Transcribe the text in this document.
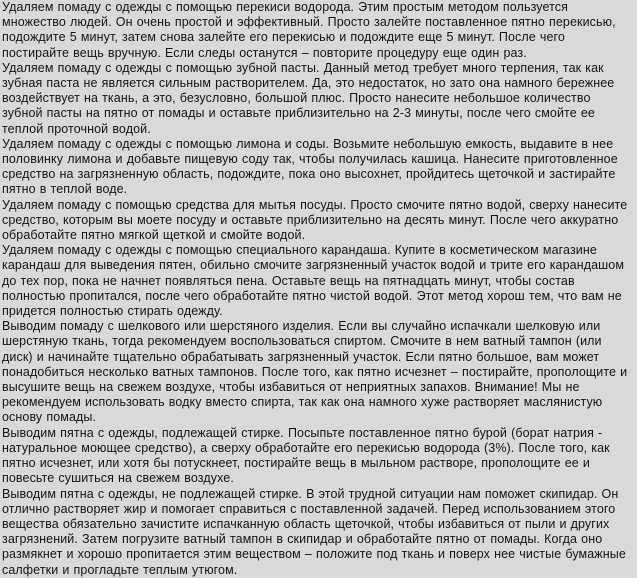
Удаляем помаду с одежды с помощью перекиси водорода. Этим простым методом пользуется множество людей. Он очень простой и эффективный. Просто залейте поставленное пятно перекисью, подождите 5 минут, затем снова залейте его перекисью и подождите еще 5 минут. После чего постирайте вещь вручную. Если следы останутся – повторите процедуру еще один раз.

Удаляем помаду с одежды с помощью зубной пасты. Данный метод требует много терпения, так как зубная паста не является сильным растворителем. Да, это недостаток, но зато она намного бережнее воздействует на ткань, а это, безусловно, большой плюс. Просто нанесите небольшое количество зубной пасты на пятно от помады и оставьте приблизительно на 2-3 минуты, после чего смойте ее теплой проточной водой.

Удаляем помаду с одежды с помощью лимона и соды. Возьмите небольшую емкость, выдавите в нее половинку лимона и добавьте пищевую соду так, чтобы получилась кашица. Нанесите приготовленное средство на загрязненную область, подождите, пока оно высохнет, пройдитесь щеточкой и застирайте пятно в теплой воде.

Удаляем помаду с помощью средства для мытья посуды. Просто смочите пятно водой, сверху нанесите средство, которым вы моете посуду и оставьте приблизительно на десять минут. После чего аккуратно обработайте пятно мягкой щеткой и смойте водой.

Удаляем помаду с одежды с помощью специального карандаша. Купите в косметическом магазине карандаш для выведения пятен, обильно смочите загрязненный участок водой и трите его карандашом до тех пор, пока не начнет появляться пена. Оставьте вещь на пятнадцать минут, чтобы состав полностью пропитался, после чего обработайте пятно чистой водой. Этот метод хорош тем, что вам не придется полностью стирать одежду.

Выводим помаду с шелкового или шерстяного изделия. Если вы случайно испачкали шелковую или шерстяную ткань, тогда рекомендуем воспользоваться спиртом. Смочите в нем ватный тампон (или диск) и начинайте тщательно обрабатывать загрязненный участок. Если пятно большое, вам может понадобиться несколько ватных тампонов. После того, как пятно исчезнет – постирайте, прополощите и высушите вещь на свежем воздухе, чтобы избавиться от неприятных запахов. Внимание! Мы не рекомендуем использовать водку вместо спирта, так как она намного хуже растворяет маслянистую основу помады.

Выводим пятна с одежды, подлежащей стирке. Посыпьте поставленное пятно бурой (борат натрия - натуральное моющее средство), а сверху обработайте его перекисью водорода (3%). После того, как пятно исчезнет, или хотя бы потускнеет, постирайте вещь в мыльном растворе, прополощите ее и повесьте сушиться на свежем воздухе.

Выводим пятна с одежды, не подлежащей стирке. В этой трудной ситуации нам поможет скипидар. Он отлично растворяет жир и помогает справиться с поставленной задачей. Перед использованием этого вещества обязательно зачистите испачканную область щеточкой, чтобы избавиться от пыли и других загрязнений. Затем погрузите ватный тампон в скипидар и обработайте пятно от помады. Когда оно размякнет и хорошо пропитается этим веществом – положите под ткань и поверх нее чистые бумажные салфетки и прогладьте теплым утюгом.
